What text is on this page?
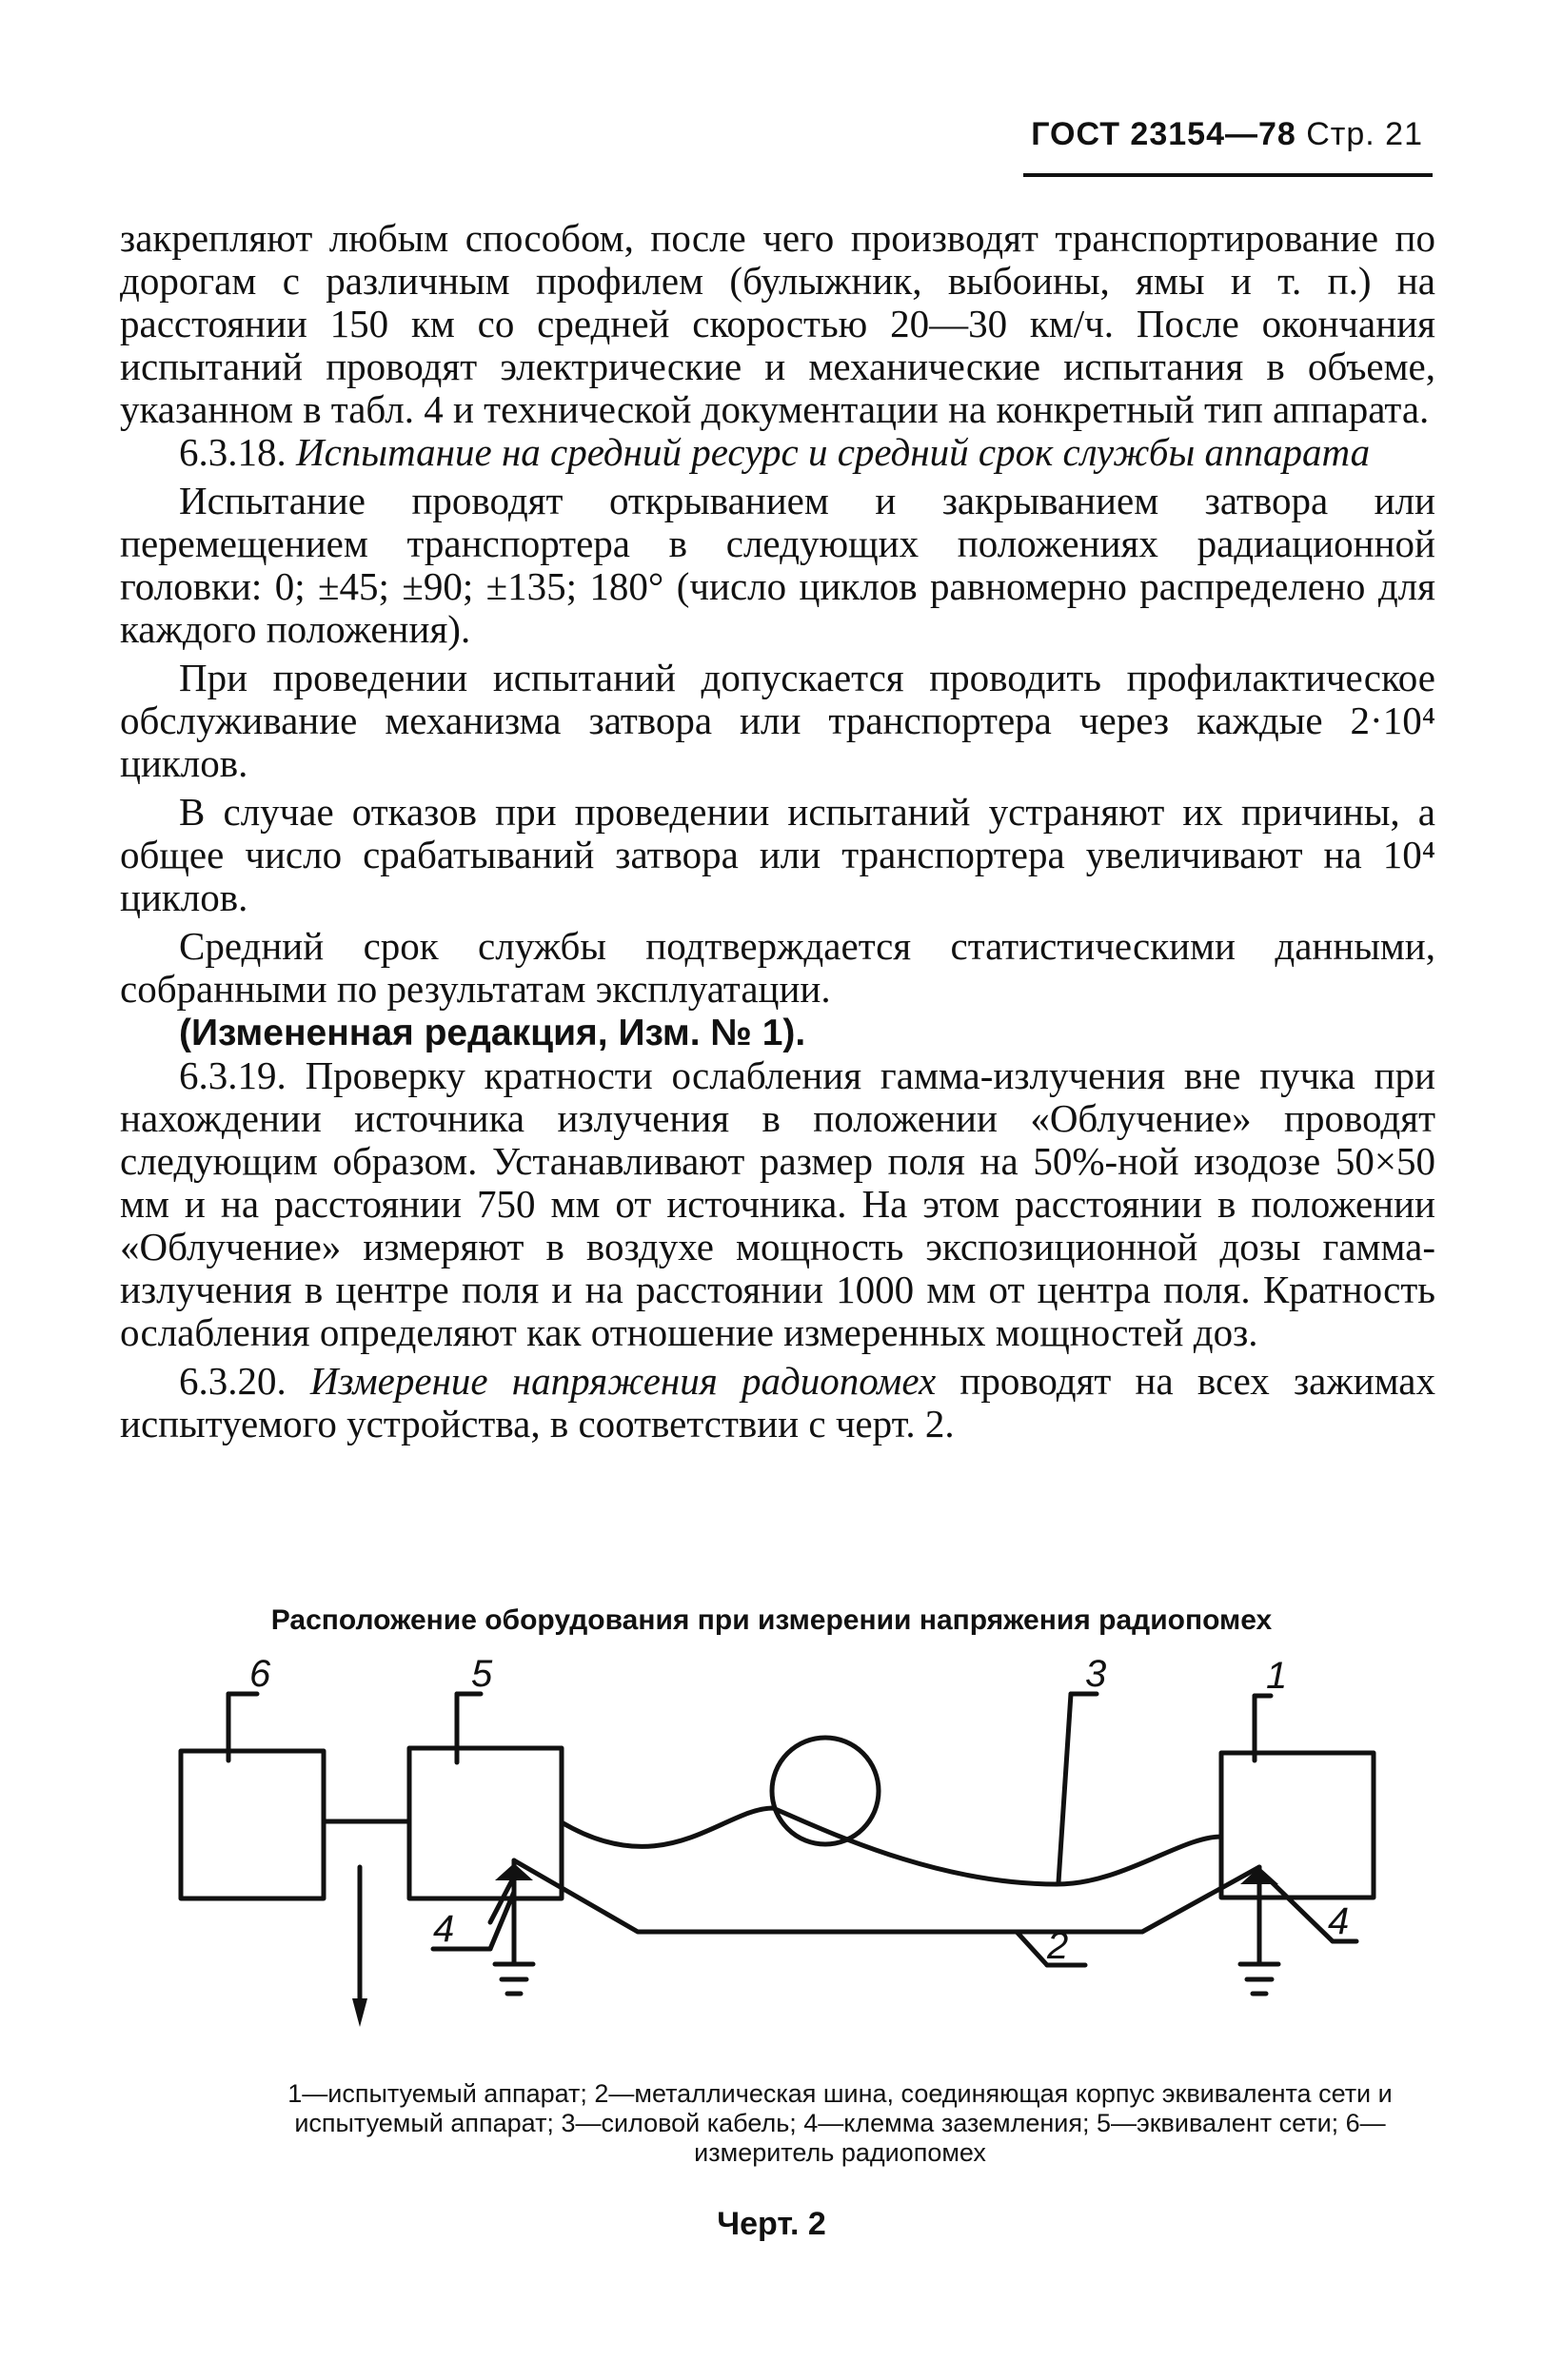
ГОСТ 23154—78 Стр. 21

закрепляют любым способом, после чего производят транспортирование по дорогам с различным профилем (булыжник, выбоины, ямы и т. п.) на расстоянии 150 км со средней скоростью 20—30 км/ч. После окончания испытаний проводят электрические и механические испытания в объеме, указанном в табл. 4 и технической документации на конкретный тип аппарата.

6.3.18. Испытание на средний ресурс и средний срок службы аппарата

Испытание проводят открыванием и закрыванием затвора или перемещением транспортера в следующих положениях радиационной головки: 0; ±45; ±90; ±135; 180° (число циклов равномерно распределено для каждого положения).

При проведении испытаний допускается проводить профилактическое обслуживание механизма затвора или транспортера через каждые 2·10⁴ циклов.

В случае отказов при проведении испытаний устраняют их причины, а общее число срабатываний затвора или транспортера увеличивают на 10⁴ циклов.

Средний срок службы подтверждается статистическими данными, собранными по результатам эксплуатации.

(Измененная редакция, Изм. № 1).

6.3.19. Проверку кратности ослабления гамма-излучения вне пучка при нахождении источника излучения в положении «Облучение» проводят следующим образом. Устанавливают размер поля на 50%-ной изодозе 50×50 мм и на расстоянии 750 мм от источника. На этом расстоянии в положении «Облучение» измеряют в воздухе мощность экспозиционной дозы гамма-излучения в центре поля и на расстоянии 1000 мм от центра поля. Кратность ослабления определяют как отношение измеренных мощностей доз.

6.3.20. Измерение напряжения радиопомех проводят на всех зажимах испытуемого устройства, в соответствии с черт. 2.

Расположение оборудования при измерении напряжения радиопомех
6	5	3	1
4	4
2
1—испытуемый аппарат; 2—металлическая шина, соединяющая корпус эквивалента сети и испытуемый аппарат; 3—силовой кабель; 4—клемма заземления; 5—эквивалент сети; 6—измеритель радиопомех
Черт. 2
